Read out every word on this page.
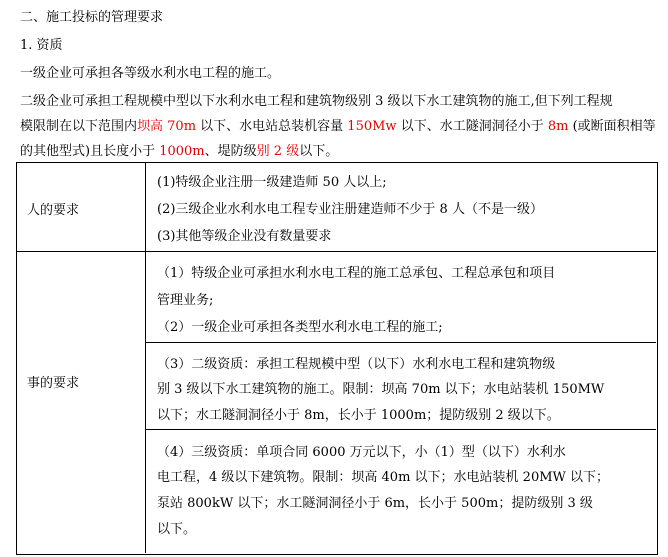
二、施工投标的管理要求
1. 资质
一级企业可承担各等级水利水电工程的施工。
二级企业可承担工程规模中型以下水利水电工程和建筑物级别 3 级以下水工建筑物的施工,但下列工程规
模限制在以下范围内坝高 70m 以下、水电站总装机容量 150Mw 以下、水工隧洞洞径小于 8m (或断面积相等
的其他型式)且长度小于 1000m、堤防级别 2 级以下。
人的要求
(1)特级企业注册一级建造师 50 人以上;
(2)三级企业水利水电工程专业注册建造师不少于 8 人（不是一级）
(3)其他等级企业没有数量要求
事的要求
（1）特级企业可承担水利水电工程的施工总承包、工程总承包和项目
管理业务;
（2）一级企业可承担各类型水利水电工程的施工;
（3）二级资质：承担工程规模中型（以下）水利水电工程和建筑物级
别 3 级以下水工建筑物的施工。限制：坝高 70m 以下；水电站装机 150MW
以下；水工隧洞洞径小于 8m，长小于 1000m；提防级别 2 级以下。
（4）三级资质：单项合同 6000 万元以下，小（1）型（以下）水利水
电工程，4 级以下建筑物。限制：坝高 40m 以下；水电站装机 20MW 以下；
泵站 800kW 以下；水工隧洞洞径小于 6m，长小于 500m；提防级别 3 级
以下。
